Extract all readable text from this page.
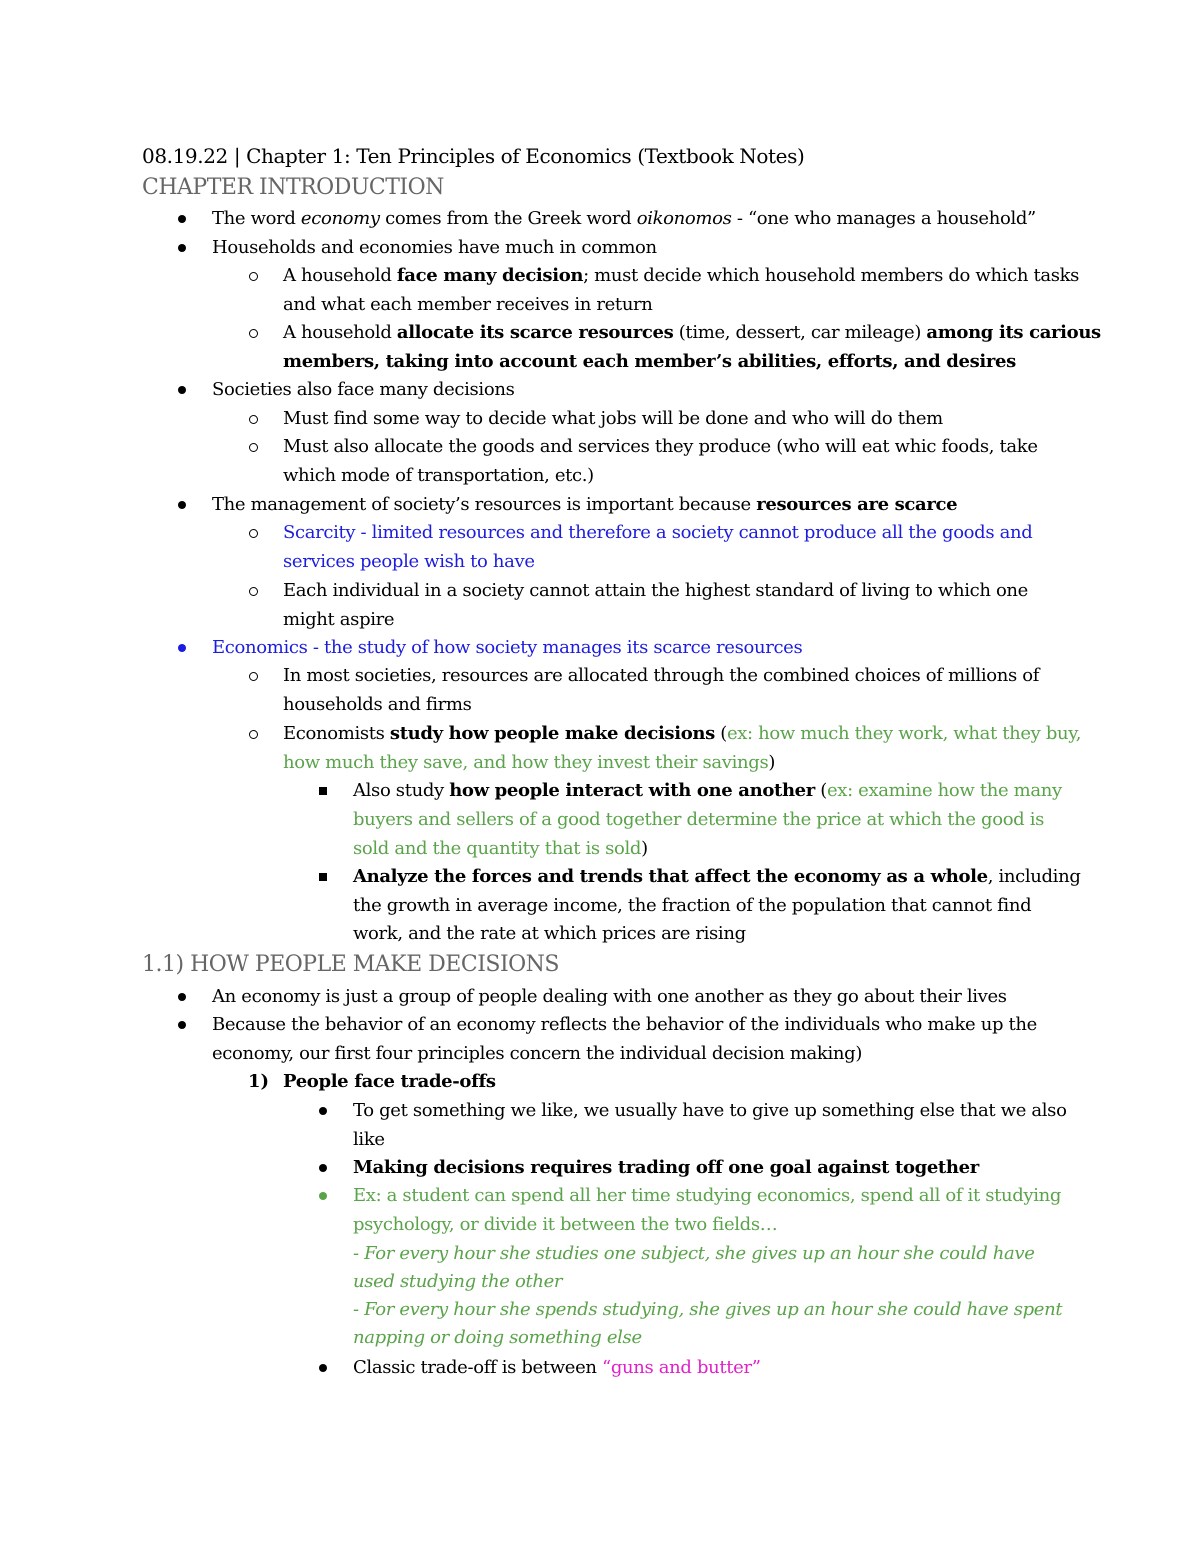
08.19.22 | Chapter 1: Ten Principles of Economics (Textbook Notes)
CHAPTER INTRODUCTION
The word economy comes from the Greek word oikonomos - “one who manages a household”
Households and economies have much in common
A household face many decision; must decide which household members do which tasks
and what each member receives in return
A household allocate its scarce resources (time, dessert, car mileage) among its carious
members, taking into account each member’s abilities, efforts, and desires
Societies also face many decisions
Must find some way to decide what jobs will be done and who will do them
Must also allocate the goods and services they produce (who will eat whic foods, take
which mode of transportation, etc.)
The management of society’s resources is important because resources are scarce
Scarcity - limited resources and therefore a society cannot produce all the goods and
services people wish to have
Each individual in a society cannot attain the highest standard of living to which one
might aspire
Economics - the study of how society manages its scarce resources
In most societies, resources are allocated through the combined choices of millions of
households and firms
Economists study how people make decisions (ex: how much they work, what they buy,
how much they save, and how they invest their savings)
Also study how people interact with one another (ex: examine how the many
buyers and sellers of a good together determine the price at which the good is
sold and the quantity that is sold)
Analyze the forces and trends that affect the economy as a whole, including
the growth in average income, the fraction of the population that cannot find
work, and the rate at which prices are rising
1.1) HOW PEOPLE MAKE DECISIONS
An economy is just a group of people dealing with one another as they go about their lives
Because the behavior of an economy reflects the behavior of the individuals who make up the
economy, our first four principles concern the individual decision making)
1) People face trade-offs
To get something we like, we usually have to give up something else that we also
like
Making decisions requires trading off one goal against together
Ex: a student can spend all her time studying economics, spend all of it studying
psychology, or divide it between the two fields…
- For every hour she studies one subject, she gives up an hour she could have
used studying the other
- For every hour she spends studying, she gives up an hour she could have spent
napping or doing something else
Classic trade-off is between “guns and butter”
